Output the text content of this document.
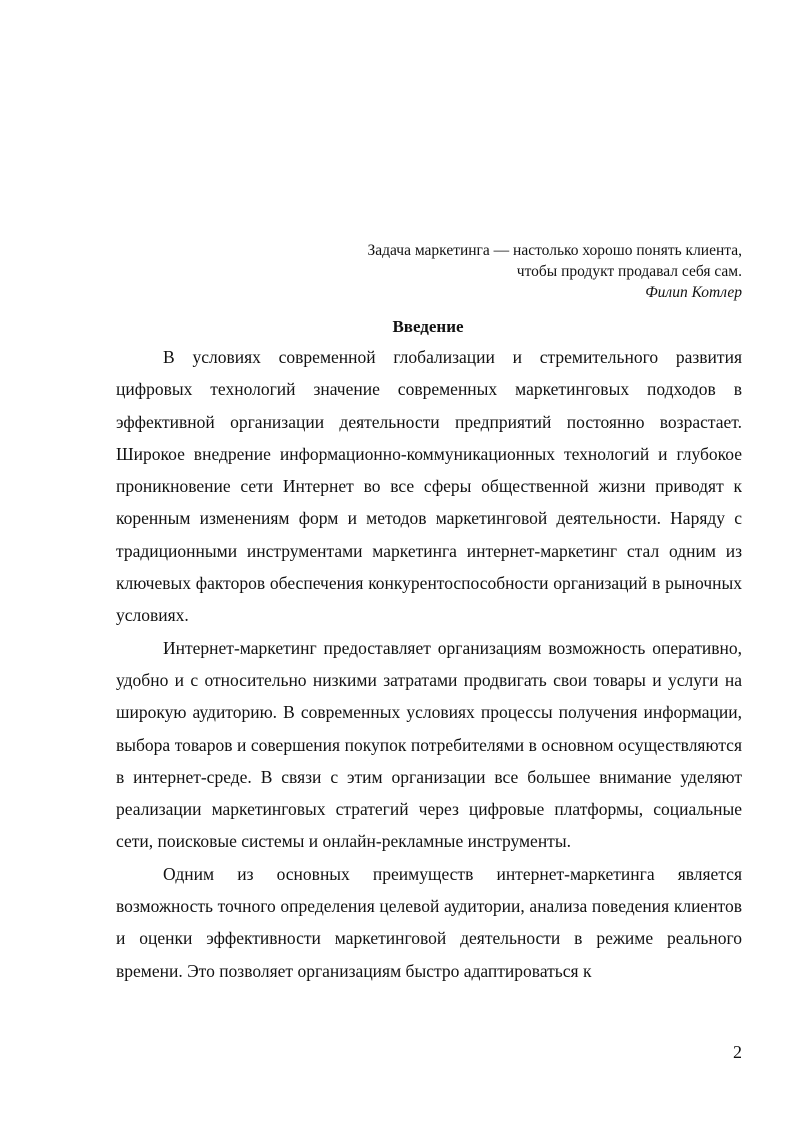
Задача маркетинга — настолько хорошо понять клиента,
чтобы продукт продавал себя сам.
Филип Котлер
Введение

В условиях современной глобализации и стремительного развития цифровых технологий значение современных маркетинговых подходов в эффективной организации деятельности предприятий постоянно возрастает. Широкое внедрение информационно-коммуникационных технологий и глубокое проникновение сети Интернет во все сферы общественной жизни приводят к коренным изменениям форм и методов маркетинговой деятельности. Наряду с традиционными инструментами маркетинга интернет-маркетинг стал одним из ключевых факторов обеспечения конкурентоспособности организаций в рыночных условиях.

Интернет-маркетинг предоставляет организациям возможность оперативно, удобно и с относительно низкими затратами продвигать свои товары и услуги на широкую аудиторию. В современных условиях процессы получения информации, выбора товаров и совершения покупок потребителями в основном осуществляются в интернет-среде. В связи с этим организации все большее внимание уделяют реализации маркетинговых стратегий через цифровые платформы, социальные сети, поисковые системы и онлайн-рекламные инструменты.

Одним из основных преимуществ интернет-маркетинга является возможность точного определения целевой аудитории, анализа поведения клиентов и оценки эффективности маркетинговой деятельности в режиме реального времени. Это позволяет организациям быстро адаптироваться к

2
